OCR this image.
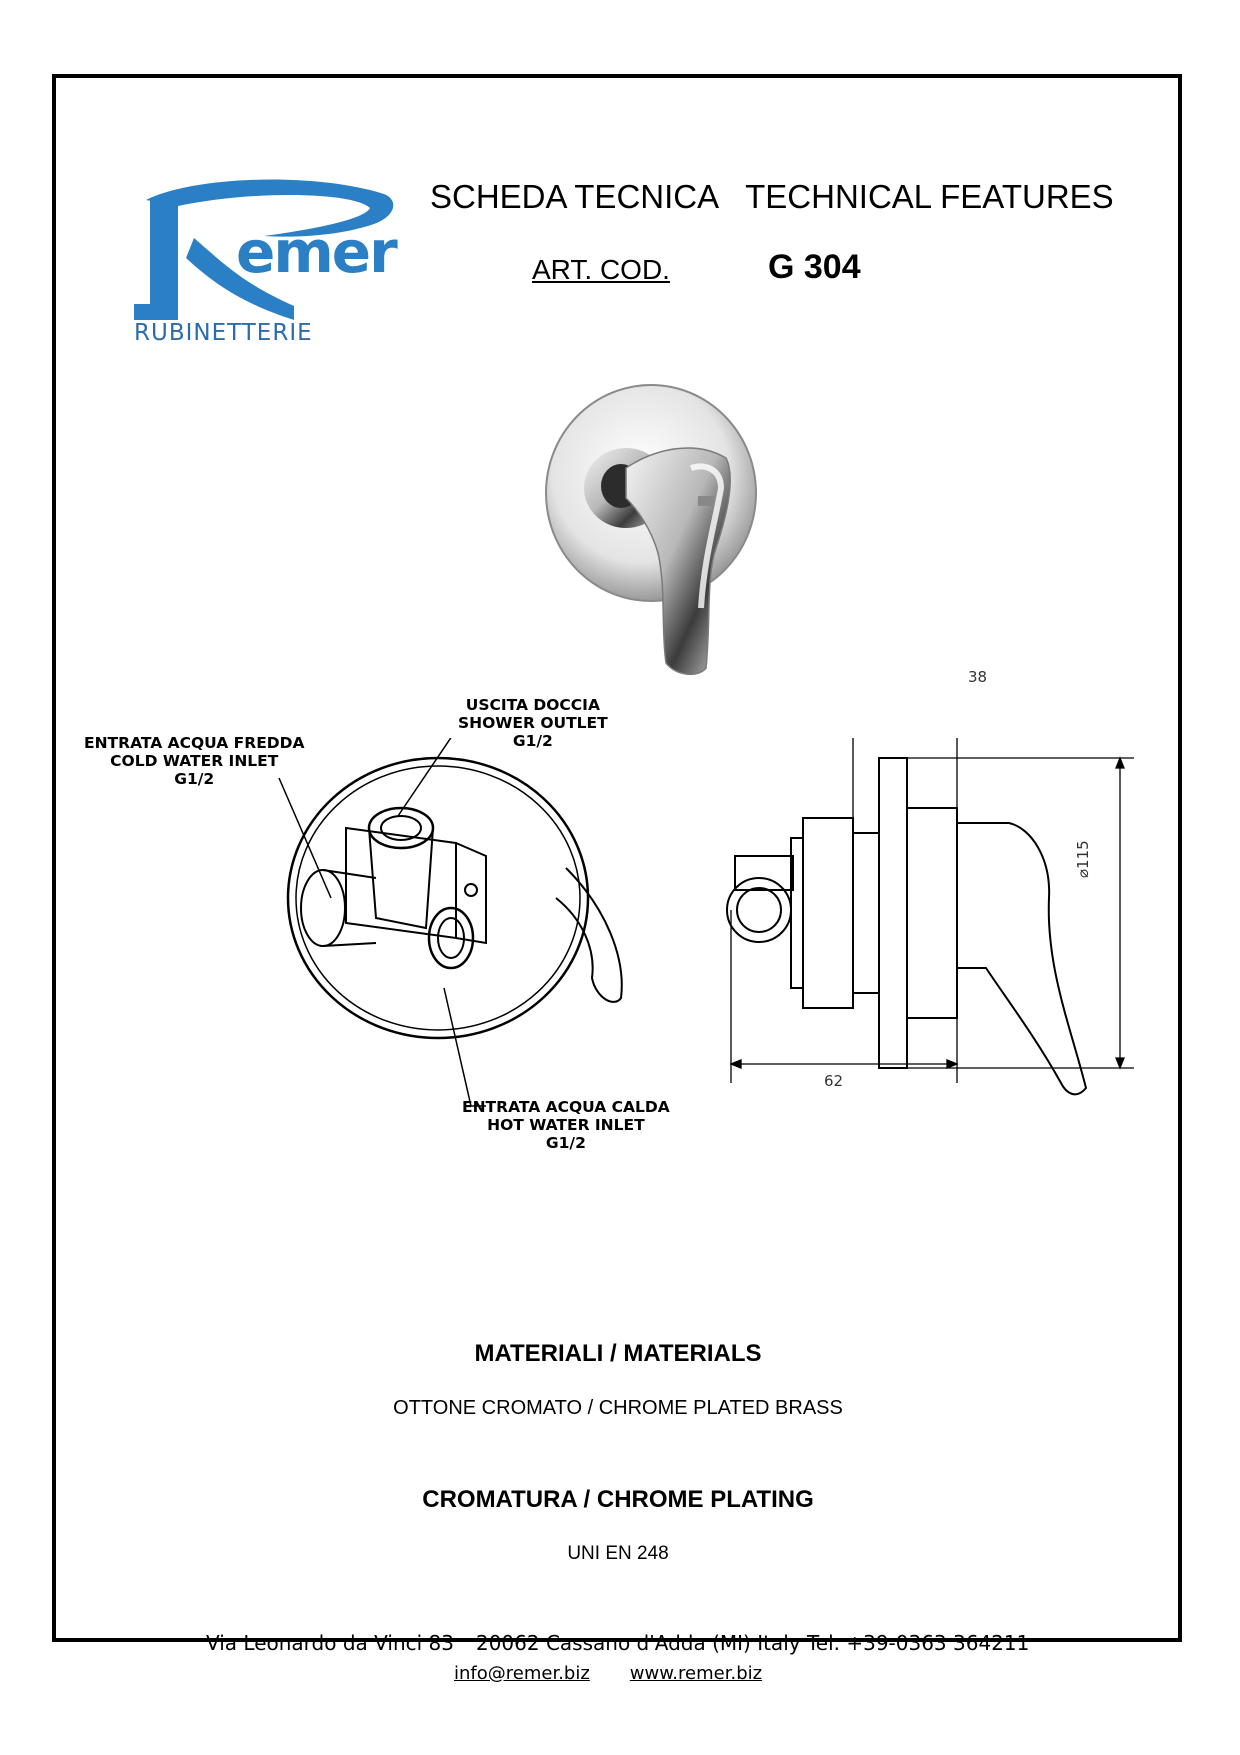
emer
RUBINETTERIE
SCHEDA TECNICA TECHNICAL FEATURES
ART. COD.	G 304
USCITA DOCCIA
SHOWER OUTLET
G1/2
ENTRATA ACQUA FREDDA
COLD WATER INLET
G1/2
ENTRATA ACQUA CALDA
HOT WATER INLET
G1/2
38
62
⌀115
MATERIALI / MATERIALS
OTTONE CROMATO / CHROME PLATED BRASS
CROMATURA / CHROME PLATING
UNI EN 248
Via Leonardo da Vinci 83 20062 Cassano d'Adda (MI) Italy Tel. +39-0363 364211
info@remer.biz www.remer.biz
